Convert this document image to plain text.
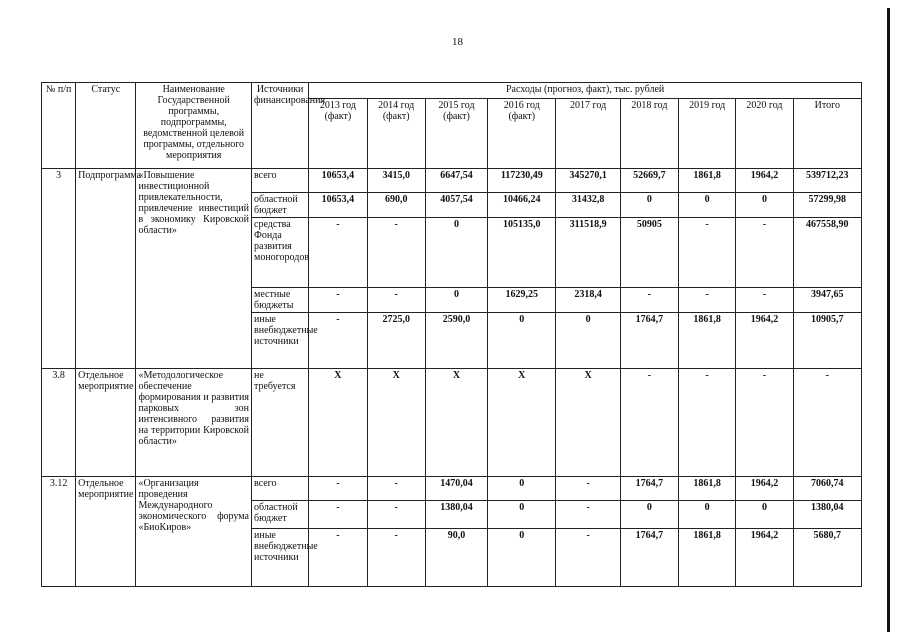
18
№ п/п	Статус	Наименование Государственной программы, подпрограммы, ведомственной целевой программы, отдельного мероприятия	Источники финансирования	Расходы (прогноз, факт), тыс. рублей								
				2013 год (факт)	2014 год (факт)	2015 год (факт)	2016 год (факт)	2017 год	2018 год	2019 год	2020 год	Итого
3	Подпрограмма	«Повышение инвестиционной привлекательности, привлечение инвестиций в экономику Кировской области»	всего	10653,4	3415,0	6647,54	117230,49	345270,1	52669,7	1861,8	1964,2	539712,23
			областной бюджет	10653,4	690,0	4057,54	10466,24	31432,8	0	0	0	57299,98
			средства Фонда развития моногородов	-	-	0	105135,0	311518,9	50905	-	-	467558,90
			местные бюджеты	-	-	0	1629,25	2318,4	-	-	-	3947,65
			иные внебюджетные источники	-	2725,0	2590,0	0	0	1764,7	1861,8	1964,2	10905,7
3.8	Отдельное мероприятие	«Методологическое обеспечение формирования и развития парковых зон интенсивного развития на территории Кировской области»	не требуется	X	X	X	X	X	-	-	-	-
3.12	Отдельное мероприятие	«Организация проведения Международного экономического форума «БиоКиров»	всего	-	-	1470,04	0	-	1764,7	1861,8	1964,2	7060,74
			областной бюджет	-	-	1380,04	0	-	0	0	0	1380,04
			иные внебюджетные источники	-	-	90,0	0	-	1764,7	1861,8	1964,2	5680,7
